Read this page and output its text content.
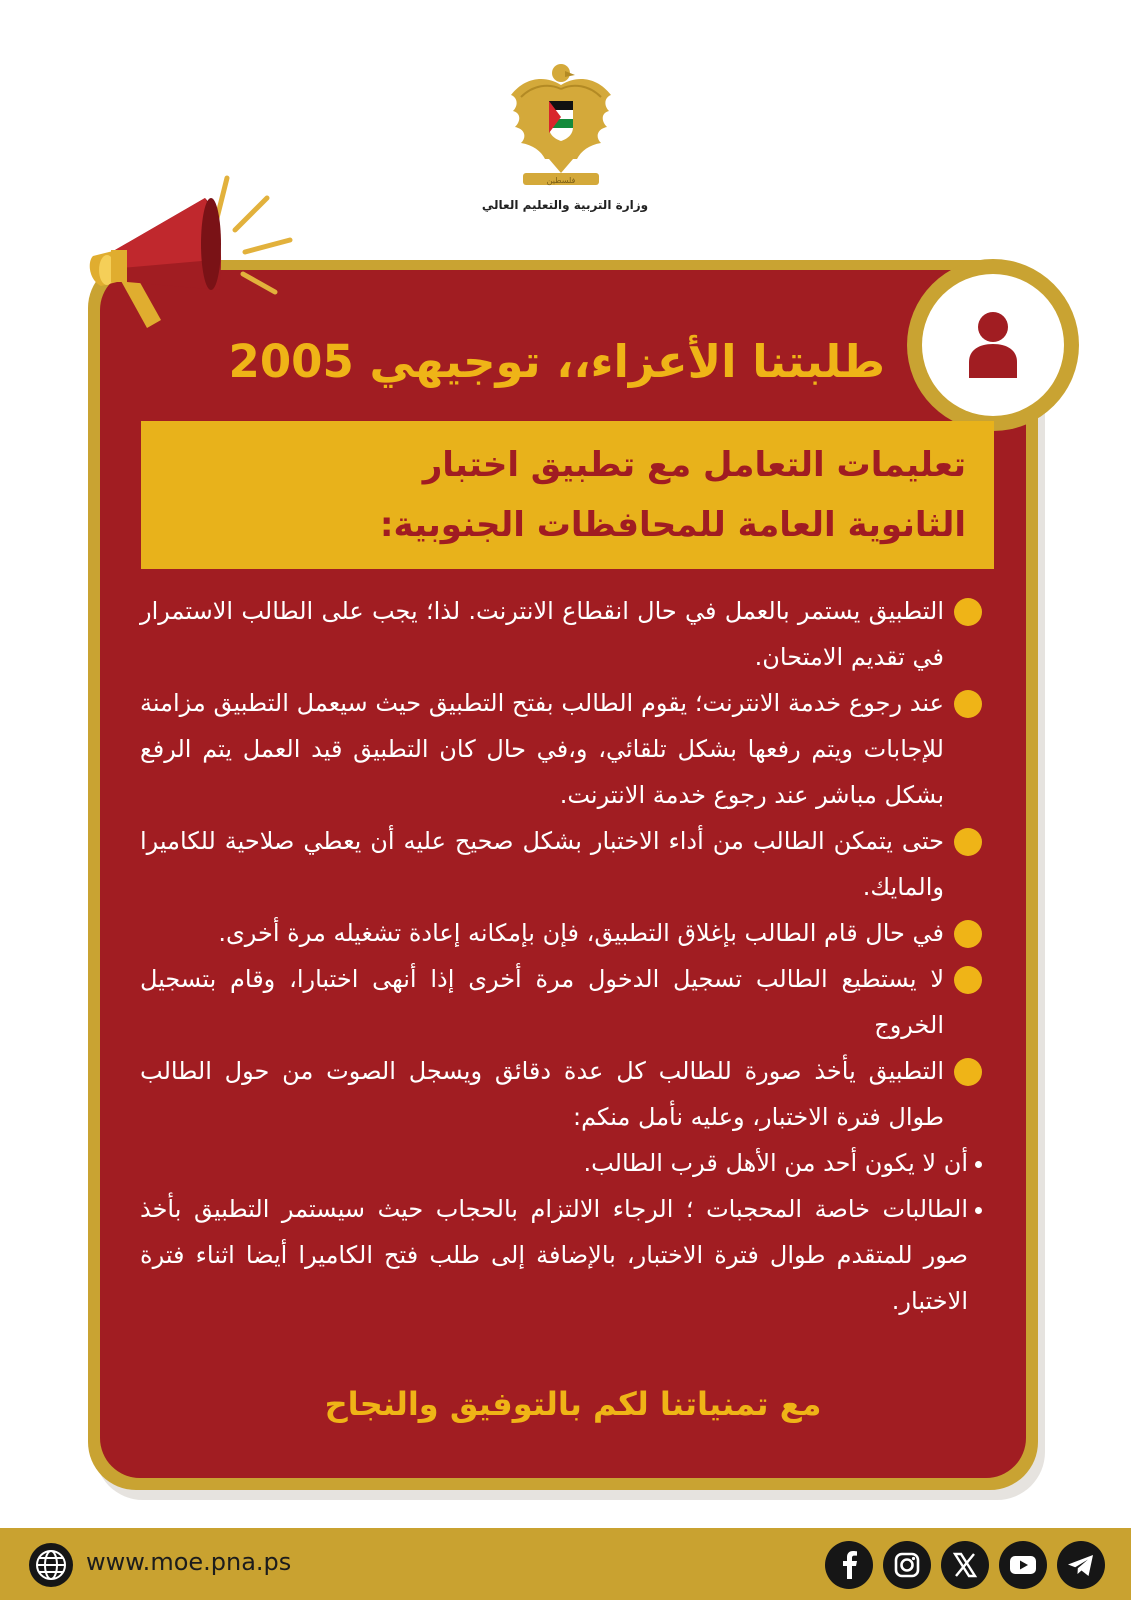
فلسطين
وزارة التربية والتعليم العالي
طلبتنا الأعزاء،، توجيهي 2005
تعليمات التعامل مع تطبيق اختبار
الثانوية العامة للمحافظات الجنوبية:

التطبيق يستمر بالعمل في حال انقطاع الانترنت. لذا؛ يجب على الطالب الاستمرار في تقديم الامتحان.

عند رجوع خدمة الانترنت؛ يقوم الطالب بفتح التطبيق حيث سيعمل التطبيق مزامنة للإجابات ويتم رفعها بشكل تلقائي، و،في حال كان التطبيق قيد العمل يتم الرفع بشكل مباشر عند رجوع خدمة الانترنت.

حتى يتمكن الطالب من أداء الاختبار بشكل صحيح عليه أن يعطي صلاحية للكاميرا والمايك.

في حال قام الطالب بإغلاق التطبيق، فإن بإمكانه إعادة تشغيله مرة أخرى.

لا يستطيع الطالب تسجيل الدخول مرة أخرى إذا أنهى اختبارا، وقام بتسجيل الخروج

التطبيق يأخذ صورة للطالب كل عدة دقائق ويسجل الصوت من حول الطالب طوال فترة الاختبار، وعليه نأمل منكم:

أن لا يكون أحد من الأهل قرب الطالب.

الطالبات خاصة المحجبات ؛ الرجاء الالتزام بالحجاب حيث سيستمر التطبيق بأخذ صور للمتقدم طوال فترة الاختبار، بالإضافة إلى طلب فتح الكاميرا أيضا اثناء فترة الاختبار.

مع تمنياتنا لكم بالتوفيق والنجاح
www.moe.pna.ps
